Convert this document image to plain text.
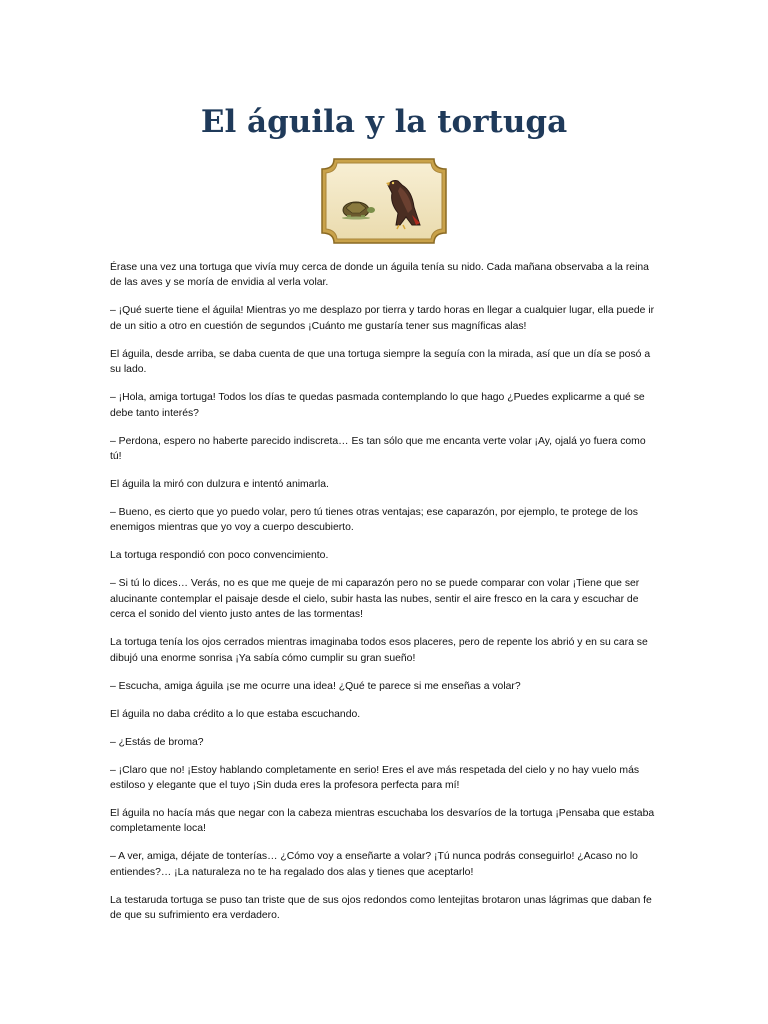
El águila y la tortuga

Érase una vez una tortuga que vivía muy cerca de donde un águila tenía su nido. Cada mañana observaba a la reina de las aves y se moría de envidia al verla volar.

– ¡Qué suerte tiene el águila! Mientras yo me desplazo por tierra y tardo horas en llegar a cualquier lugar, ella puede ir de un sitio a otro en cuestión de segundos ¡Cuánto me gustaría tener sus magníficas alas!

El águila, desde arriba, se daba cuenta de que una tortuga siempre la seguía con la mirada, así que un día se posó a su lado.

– ¡Hola, amiga tortuga! Todos los días te quedas pasmada contemplando lo que hago ¿Puedes explicarme a qué se debe tanto interés?

– Perdona, espero no haberte parecido indiscreta… Es tan sólo que me encanta verte volar ¡Ay, ojalá yo fuera como tú!

El águila la miró con dulzura e intentó animarla.

– Bueno, es cierto que yo puedo volar, pero tú tienes otras ventajas; ese caparazón, por ejemplo, te protege de los enemigos mientras que yo voy a cuerpo descubierto.

La tortuga respondió con poco convencimiento.

– Si tú lo dices… Verás, no es que me queje de mi caparazón pero no se puede comparar con volar ¡Tiene que ser alucinante contemplar el paisaje desde el cielo, subir hasta las nubes, sentir el aire fresco en la cara y escuchar de cerca el sonido del viento justo antes de las tormentas!

La tortuga tenía los ojos cerrados mientras imaginaba todos esos placeres, pero de repente los abrió y en su cara se dibujó una enorme sonrisa ¡Ya sabía cómo cumplir su gran sueño!

– Escucha, amiga águila ¡se me ocurre una idea! ¿Qué te parece si me enseñas a volar?

El águila no daba crédito a lo que estaba escuchando.

– ¿Estás de broma?

– ¡Claro que no! ¡Estoy hablando completamente en serio! Eres el ave más respetada del cielo y no hay vuelo más estiloso y elegante que el tuyo ¡Sin duda eres la profesora perfecta para mí!

El águila no hacía más que negar con la cabeza mientras escuchaba los desvaríos de la tortuga ¡Pensaba que estaba completamente loca!

– A ver, amiga, déjate de tonterías… ¿Cómo voy a enseñarte a volar? ¡Tú nunca podrás conseguirlo! ¿Acaso no lo entiendes?… ¡La naturaleza no te ha regalado dos alas y tienes que aceptarlo!

La testaruda tortuga se puso tan triste que de sus ojos redondos como lentejitas brotaron unas lágrimas que daban fe de que su sufrimiento era verdadero.
